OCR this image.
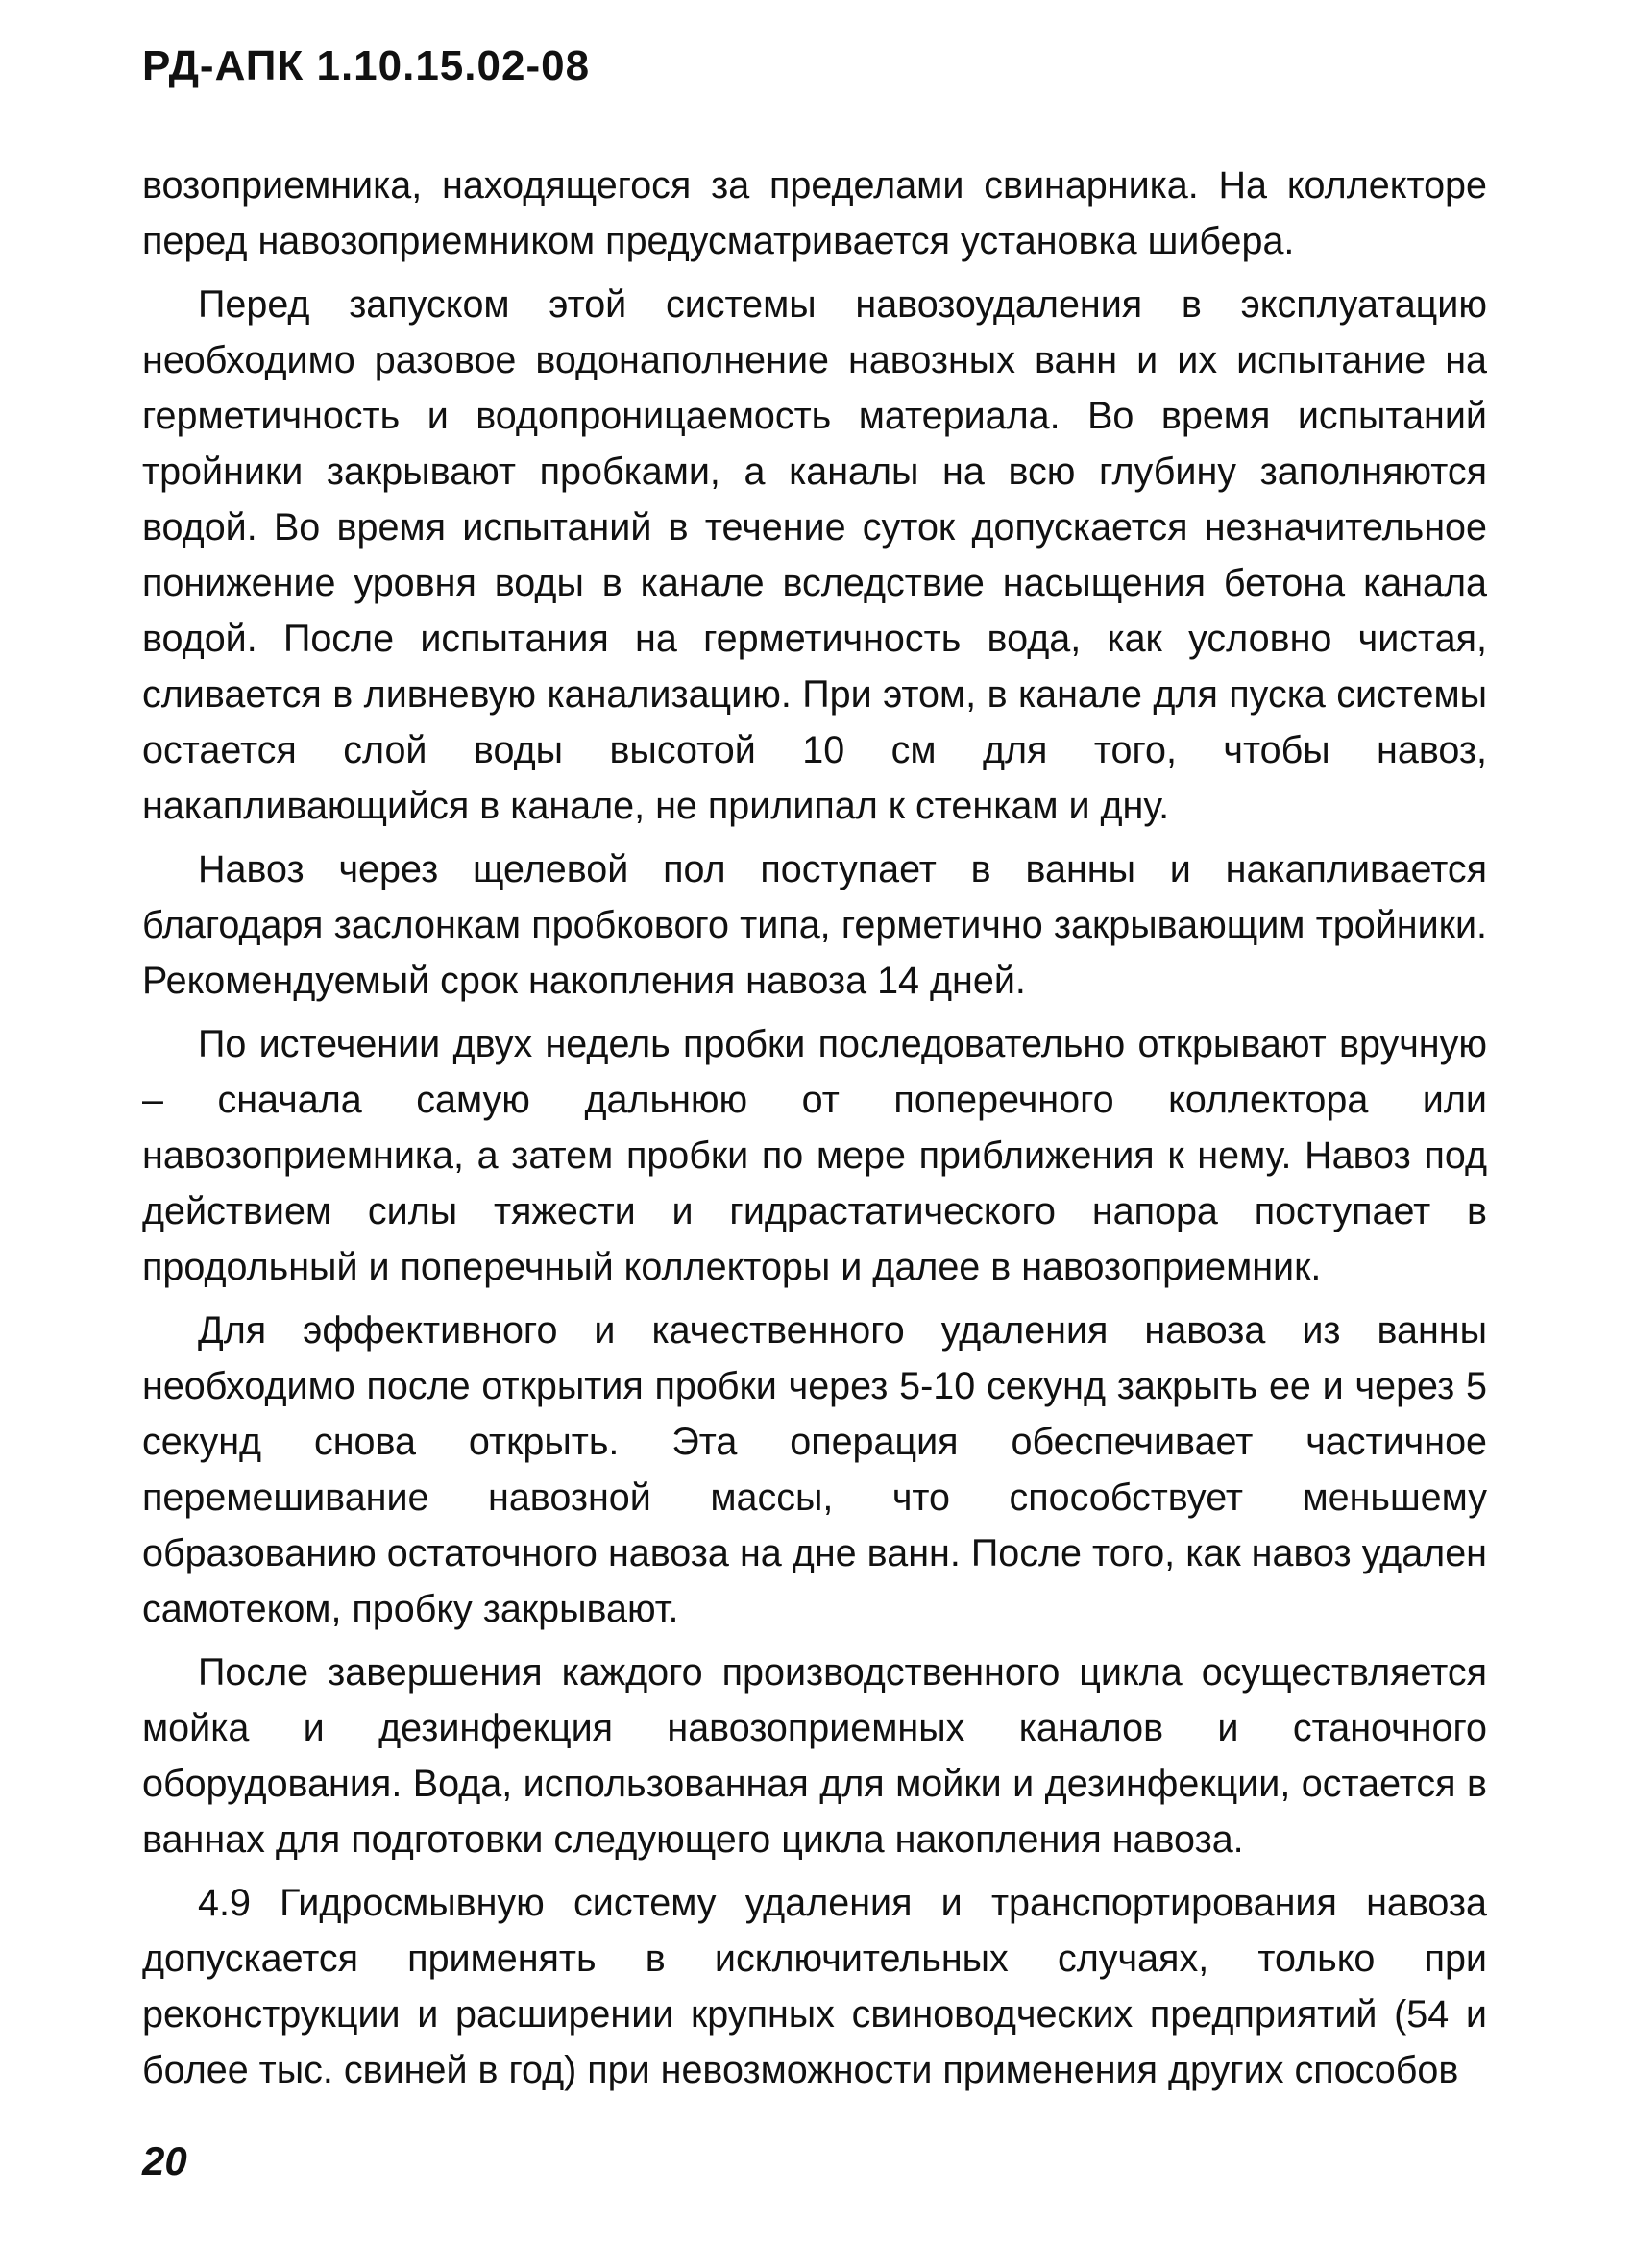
РД-АПК 1.10.15.02-08

возоприемника, находящегося за пределами свинарника. На коллекторе перед навозоприемником предусматривается установка шибера.

Перед запуском этой системы навозоудаления в эксплуатацию необходимо разовое водонаполнение навозных ванн и их испытание на герметичность и водопроницаемость материала. Во время испытаний тройники закрывают пробками, а каналы на всю глубину заполняются водой. Во время испытаний в течение суток допускается незначительное понижение уровня воды в канале вследствие насыщения бетона канала водой. После испытания на герметичность вода, как условно чистая, сливается в ливневую канализацию. При этом, в канале для пуска системы остается слой воды высотой 10 см для того, чтобы навоз, накапливающийся в канале, не прилипал к стенкам и дну.

Навоз через щелевой пол поступает в ванны и накапливается благодаря заслонкам пробкового типа, герметично закрывающим тройники. Рекомендуемый срок накопления навоза 14 дней.

По истечении двух недель пробки последовательно открывают вручную – сначала самую дальнюю от поперечного коллектора или навозоприемника, а затем пробки по мере приближения к нему. Навоз под действием силы тяжести и гидрастатического напора поступает в продольный и поперечный коллекторы и далее в навозоприемник.

Для эффективного и качественного удаления навоза из ванны необходимо после открытия пробки через 5-10 секунд закрыть ее и через 5 секунд снова открыть. Эта операция обеспечивает частичное перемешивание навозной массы, что способствует меньшему образованию остаточного навоза на дне ванн. После того, как навоз удален самотеком, пробку закрывают.

После завершения каждого производственного цикла осуществляется мойка и дезинфекция навозоприемных каналов и станочного оборудования. Вода, использованная для мойки и дезинфекции, остается в ваннах для подготовки следующего цикла накопления навоза.

4.9 Гидросмывную систему удаления и транспортирования навоза допускается применять в исключительных случаях, только при реконструкции и расширении крупных свиноводческих предприятий (54 и более тыс. свиней в год) при невозможности применения других способов

20
